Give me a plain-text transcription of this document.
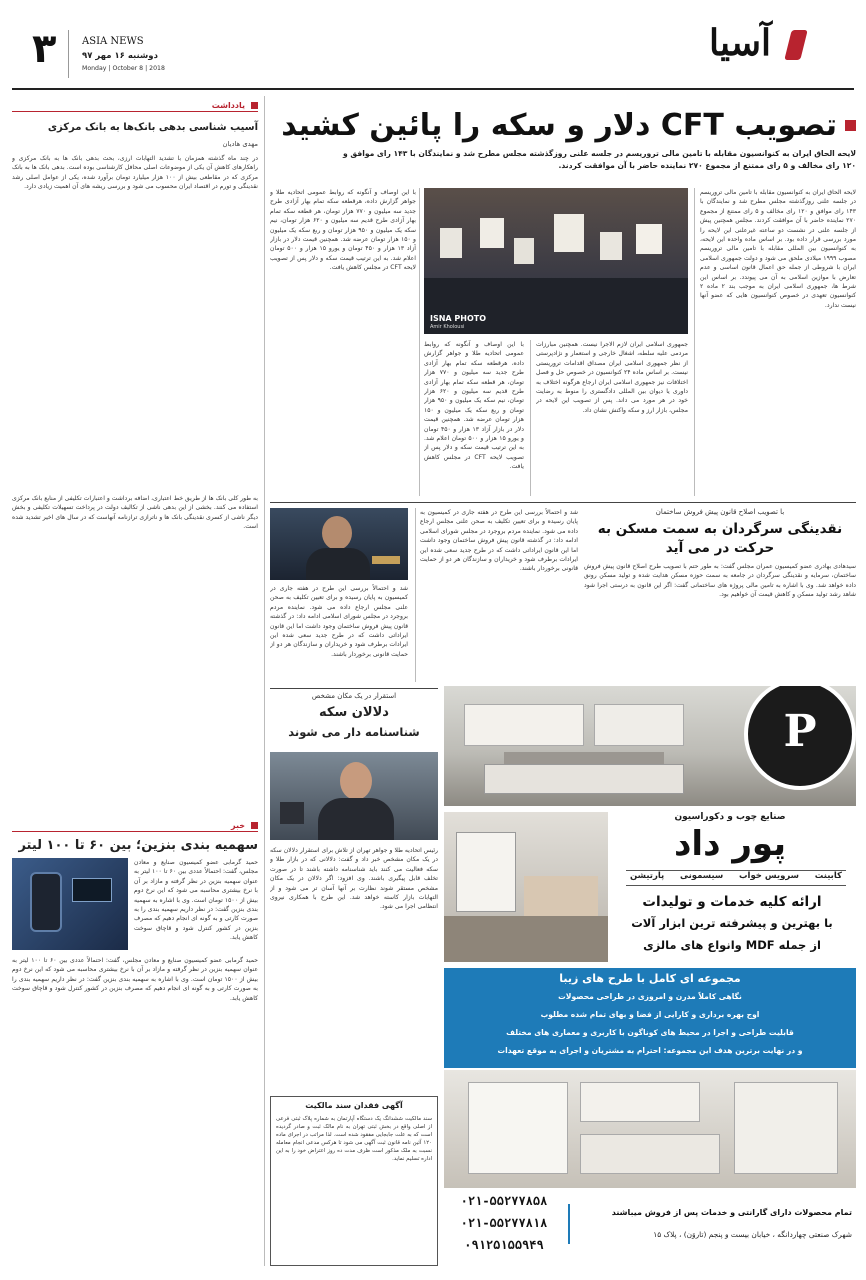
۳	ASIA NEWS
دوشنبه ۱۶ مهر ۹۷
Monday | October 8 | 2018
آسیا
یادداشت
آسیب شناسی بدهی بانک‌ها به بانک مرکزی
مهدی هادیان
در چند ماه گذشته همزمان با تشدید التهابات ارزی، بحث بدهی بانک ها به بانک مرکزی و راهکارهای کاهش آن یکی از موضوعات اصلی محافل کارشناسی بوده است. بدهی بانک ها به بانک مرکزی که در مقاطعی بیش از ۱۰۰ هزار میلیارد تومان برآورد شده، یکی از عوامل اصلی رشد نقدینگی و تورم در اقتصاد ایران محسوب می شود و بررسی ریشه های آن اهمیت زیادی دارد.
به طور کلی بانک ها از طریق خط اعتباری، اضافه برداشت و اعتبارات تکلیفی از منابع بانک مرکزی استفاده می کنند. بخشی از این بدهی ناشی از تکالیف دولت در پرداخت تسهیلات تکلیفی و بخش دیگر ناشی از کسری نقدینگی بانک ها و ناترازی ترازنامه آنهاست که در سال های اخیر تشدید شده است.
خبر
سهمیه بندی بنزین؛ بین ۶۰ تا ۱۰۰ لیتر
حمید گرمابی عضو کمیسیون صنایع و معادن مجلس، گفت: احتمالاً عددی بین ۶۰ تا ۱۰۰ لیتر به عنوان سهمیه بنزین در نظر گرفته و مازاد بر آن با نرخ بیشتری محاسبه می شود که این نرخ دوم بیش از ۱۵۰۰ تومان است. وی با اشاره به سهمیه بندی بنزین گفت: در نظر داریم سهمیه بندی را به صورت کارتی و به گونه ای انجام دهیم که مصرف بنزین در کشور کنترل شود و قاچاق سوخت کاهش یابد.
حمید گرمابی عضو کمیسیون صنایع و معادن مجلس، گفت: احتمالاً عددی بین ۶۰ تا ۱۰۰ لیتر به عنوان سهمیه بنزین در نظر گرفته و مازاد بر آن با نرخ بیشتری محاسبه می شود که این نرخ دوم بیش از ۱۵۰۰ تومان است. وی با اشاره به سهمیه بندی بنزین گفت: در نظر داریم سهمیه بندی را به صورت کارتی و به گونه ای انجام دهیم که مصرف بنزین در کشور کنترل شود و قاچاق سوخت کاهش یابد.
تصویب CFT دلار و سکه را پائین کشید
لایحه الحاق ایران به کنوانسیون مقابله با تامین مالی تروریسم در جلسه علنی روزگذشته مجلس مطرح شد و نمایندگان با ۱۴۳ رای موافق و ۱۲۰ رای مخالف و ۵ رای ممتنع از مجموع ۲۷۰ نماینده حاضر با آن موافقت کردند.
لایحه الحاق ایران به کنوانسیون مقابله با تامین مالی تروریسم در جلسه علنی روزگذشته مجلس مطرح شد و نمایندگان با ۱۴۳ رای موافق و ۱۲۰ رای مخالف و ۵ رای ممتنع از مجموع ۲۷۰ نماینده حاضر با آن موافقت کردند. مجلس همچنین پیش از جلسه علنی در نشست دو ساعته غیرعلنی این لایحه را مورد بررسی قرار داده بود. بر اساس ماده واحده این لایحه، به کنوانسیون بین المللی مقابله با تامین مالی تروریسم مصوب ۱۹۹۹ میلادی ملحق می شود و دولت جمهوری اسلامی ایران با شروطی از جمله حق اعمال قانون اساسی و عدم تعارض با موازین اسلامی به آن می پیوندد. بر اساس این شرط ها، جمهوری اسلامی ایران به موجب بند ۲ ماده ۲ کنوانسیون تعهدی در خصوص کنوانسیون هایی که عضو آنها نیست ندارد.
ISNA PHOTO
Amir Kholousi
جمهوری اسلامی ایران لازم الاجرا نیست. همچنین مبارزات مردمی علیه سلطه، اشغال خارجی و استعمار و نژادپرستی از نظر جمهوری اسلامی ایران مصداق اقدامات تروریستی نیست. بر اساس ماده ۲۴ کنوانسیون در خصوص حل و فصل اختلافات نیز جمهوری اسلامی ایران ارجاع هرگونه اختلاف به داوری یا دیوان بین المللی دادگستری را منوط به رضایت خود در هر مورد می داند. پس از تصویب این لایحه در مجلس، بازار ارز و سکه واکنش نشان داد.
با این اوصاف و آنگونه که روابط عمومی اتحادیه طلا و جواهر گزارش داده، هرقطعه سکه تمام بهار آزادی طرح جدید سه میلیون و ۷۷۰ هزار تومان، هر قطعه سکه تمام بهار آزادی طرح قدیم سه میلیون و ۶۲۰ هزار تومان، نیم سکه یک میلیون و ۹۵۰ هزار تومان و ربع سکه یک میلیون و ۱۵۰ هزار تومان عرضه شد. همچنین قیمت دلار در بازار آزاد ۱۳ هزار و ۴۵۰ تومان و یورو ۱۵ هزار و ۵۰۰ تومان اعلام شد. به این ترتیب قیمت سکه و دلار پس از تصویب لایحه CFT در مجلس کاهش یافت.
با این اوصاف و آنگونه که روابط عمومی اتحادیه طلا و جواهر گزارش داده، هرقطعه سکه تمام بهار آزادی طرح جدید سه میلیون و ۷۷۰ هزار تومان، هر قطعه سکه تمام بهار آزادی طرح قدیم سه میلیون و ۶۲۰ هزار تومان، نیم سکه یک میلیون و ۹۵۰ هزار تومان و ربع سکه یک میلیون و ۱۵۰ هزار تومان عرضه شد. همچنین قیمت دلار در بازار آزاد ۱۳ هزار و ۴۵۰ تومان و یورو ۱۵ هزار و ۵۰۰ تومان اعلام شد. به این ترتیب قیمت سکه و دلار پس از تصویب لایحه CFT در مجلس کاهش یافت.
با تصویب اصلاح قانون پیش فروش ساختمان
نقدینگی سرگردان به سمت مسکن به حرکت در می آید
سیدهادی بهادری عضو کمیسیون عمران مجلس گفت: به طور حتم با تصویب طرح اصلاح قانون پیش فروش ساختمان، سرمایه و نقدینگی سرگردان در جامعه به سمت حوزه مسکن هدایت شده و تولید مسکن رونق داده خواهد شد. وی با اشاره به تامین مالی پروژه های ساختمانی گفت: اگر این قانون به درستی اجرا شود شاهد رشد تولید مسکن و کاهش قیمت آن خواهیم بود.
شد و احتمالاً بررسی این طرح در هفته جاری در کمیسیون به پایان رسیده و برای تعیین تکلیف به صحن علنی مجلس ارجاع داده می شود. نماینده مردم بروجرد در مجلس شورای اسلامی ادامه داد: در گذشته قانون پیش فروش ساختمان وجود داشت اما این قانون ایراداتی داشت که در طرح جدید سعی شده این ایرادات برطرف شود و خریداران و سازندگان هر دو از حمایت قانونی برخوردار باشند.
شد و احتمالاً بررسی این طرح در هفته جاری در کمیسیون به پایان رسیده و برای تعیین تکلیف به صحن علنی مجلس ارجاع داده می شود. نماینده مردم بروجرد در مجلس شورای اسلامی ادامه داد: در گذشته قانون پیش فروش ساختمان وجود داشت اما این قانون ایراداتی داشت که در طرح جدید سعی شده این ایرادات برطرف شود و خریداران و سازندگان هر دو از حمایت قانونی برخوردار باشند.
استقرار در یک مکان مشخص
دلالان سکه
شناسنامه دار می شوند
رئیس اتحادیه طلا و جواهر تهران از تلاش برای استقرار دلالان سکه در یک مکان مشخص خبر داد و گفت: دلالانی که در بازار طلا و سکه فعالیت می کنند باید شناسنامه داشته باشند تا در صورت تخلف قابل پیگیری باشند. وی افزود: اگر دلالان در یک مکان مشخص مستقر شوند نظارت بر آنها آسان تر می شود و از التهابات بازار کاسته خواهد شد. این طرح با همکاری نیروی انتظامی اجرا می شود.
آگهی فقدان سند مالکیت
سند مالکیت ششدانگ یک دستگاه آپارتمان به شماره پلاک ثبتی فرعی از اصلی واقع در بخش ثبتی تهران به نام مالک ثبت و صادر گردیده است که به علت جابجایی مفقود شده است. لذا مراتب در اجرای ماده ۱۲۰ آئین نامه قانون ثبت آگهی می شود تا هرکس مدعی انجام معامله نسبت به ملک مذکور است ظرف مدت ده روز اعتراض خود را به این اداره تسلیم نماید.
P
صنایع چوب و دکوراسیون
پور داد
کابینت
سرویس خواب
سیسمونی
پارتیشن
ارائه کلیه خدمات و تولیدات
با بهترین و پیشرفته ترین ابزار آلات
از جمله MDF وانواع های مالزی
مجموعه ای کامل با طرح های زیبا
نگاهی کاملاً مدرن و امروزی در طراحی محصولات
اوج بهره برداری و کارایی از فضا و بهای تمام شده مطلوب
قابلیت طراحی و اجرا در محیط های کوناگون با کاربری و معماری های مختلف
و در نهایت برترین هدف این مجموعه: احترام به مشتریان و اجرای به موقع تعهدات
۰۲۱-۵۵۲۷۷۸۵۸
۰۲۱-۵۵۲۷۷۸۱۸
۰۹۱۲۵۱۵۵۹۴۹
تمام محصولات دارای گارانتی و خدمات پس از فروش میباشند
شهرک صنعتی چهاردانگه ، خیابان بیست و پنجم (تاروَن) ، پلاک ۱۵
